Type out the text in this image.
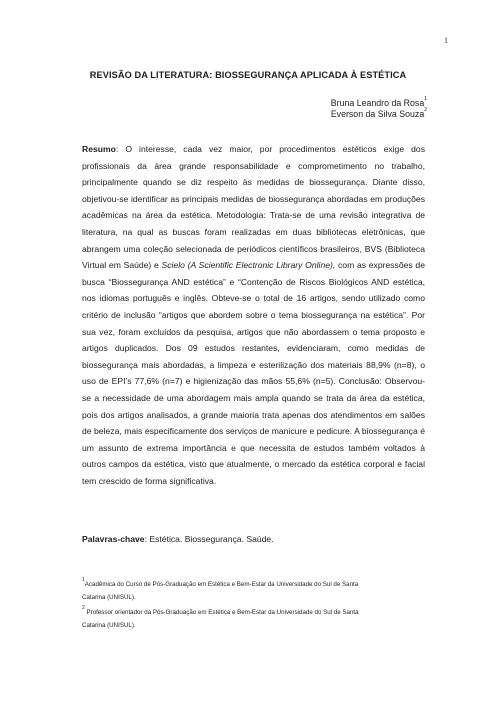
1
REVISÃO DA LITERATURA: BIOSSEGURANÇA APLICADA À ESTÉTICA
Bruna Leandro da Rosa$^1$
Everson da Silva Souza$^2$

Resumo: O interesse, cada vez maior, por procedimentos estéticos exige dos profissionais da área grande responsabilidade e comprometimento no trabalho, principalmente quando se diz respeito às medidas de biossegurança. Diante disso, objetivou-se identificar as principais medidas de biossegurança abordadas em produções acadêmicas na área da estética. Metodologia: Trata-se de uma revisão integrativa de literatura, na qual as buscas foram realizadas em duas bibliotecas eletrônicas, que abrangem uma coleção selecionada de periódicos científicos brasileiros, BVS (Biblioteca Virtual em Saúde) e Scielo (A Scientific Electronic Library Online), com as expressões de busca “Biossegurança AND estética” e “Contenção de Riscos Biológicos AND estética, nos idiomas português e inglês. Obteve-se o total de 16 artigos, sendo utilizado como critério de inclusão “artigos que abordem sobre o tema biossegurança na estética”. Por sua vez, foram excluídos da pesquisa, artigos que não abordassem o tema proposto e artigos duplicados. Dos 09 estudos restantes, evidenciaram, como medidas de biossegurança mais abordadas, a limpeza e esterilização dos materiais 88,9% (n=8), o uso de EPI’s 77,6% (n=7) e higienização das mãos 55,6% (n=5). Conclusão: Observou-se a necessidade de uma abordagem mais ampla quando se trata da área da estética, pois dos artigos analisados, a grande maioria trata apenas dos atendimentos em salões de beleza, mais especificamente dos serviços de manicure e pedicure. A biossegurança é um assunto de extrema importância e que necessita de estudos também voltados à outros campos da estética, visto que atualmente, o mercado da estética corporal e facial tem crescido de forma significativa.

Palavras-chave: Estética. Biossegurança. Saúde.

$^1$Acadêmica do Curso de Pós-Graduação em Estética e Bem-Estar da Universidade do Sul de Santa Catarina (UNISUL).

$^2$ Professor orientador da Pós-Graduação em Estética e Bem-Estar da Universidade do Sul de Santa Catarina (UNISUL).
